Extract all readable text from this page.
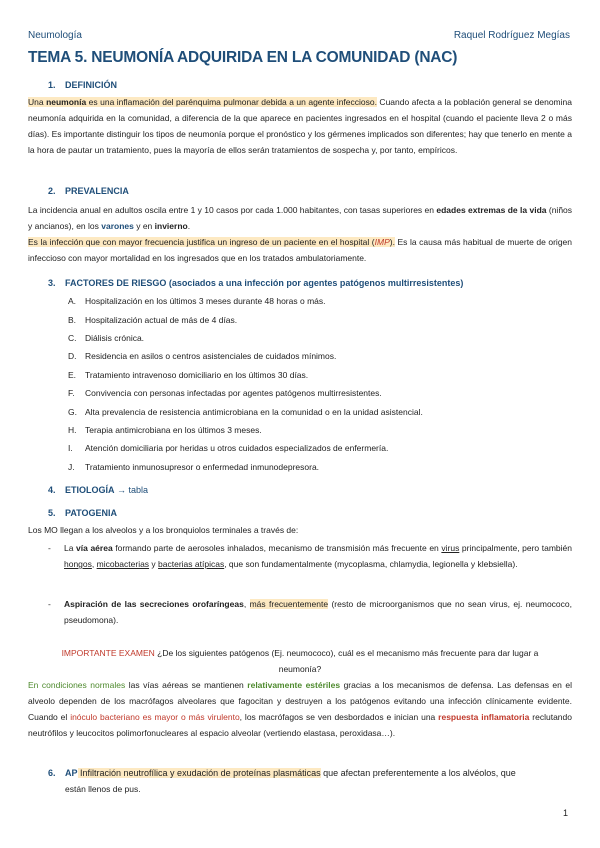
Neumología	Raquel Rodríguez Megías
TEMA 5. NEUMONÍA ADQUIRIDA EN LA COMUNIDAD (NAC)
1. DEFINICIÓN
Una neumonía es una inflamación del parénquima pulmonar debida a un agente infeccioso. Cuando afecta a la población general se denomina neumonía adquirida en la comunidad, a diferencia de la que aparece en pacientes ingresados en el hospital (cuando el paciente lleva 2 o más días). Es importante distinguir los tipos de neumonía porque el pronóstico y los gérmenes implicados son diferentes; hay que tenerlo en mente a la hora de pautar un tratamiento, pues la mayoría de ellos serán tratamientos de sospecha y, por tanto, empíricos.
2. PREVALENCIA
La incidencia anual en adultos oscila entre 1 y 10 casos por cada 1.000 habitantes, con tasas superiores en edades extremas de la vida (niños y ancianos), en los varones y en invierno.
Es la infección que con mayor frecuencia justifica un ingreso de un paciente en el hospital (IMP). Es la causa más habitual de muerte de origen infeccioso con mayor mortalidad en los ingresados que en los tratados ambulatoriamente.
3. FACTORES DE RIESGO (asociados a una infección por agentes patógenos multirresistentes)
A. Hospitalización en los últimos 3 meses durante 48 horas o más.
B. Hospitalización actual de más de 4 días.
C. Diálisis crónica.
D. Residencia en asilos o centros asistenciales de cuidados mínimos.
E. Tratamiento intravenoso domiciliario en los últimos 30 días.
F. Convivencia con personas infectadas por agentes patógenos multirresistentes.
G. Alta prevalencia de resistencia antimicrobiana en la comunidad o en la unidad asistencial.
H. Terapia antimicrobiana en los últimos 3 meses.
I. Atención domiciliaria por heridas u otros cuidados especializados de enfermería.
J. Tratamiento inmunosupresor o enfermedad inmunodepresora.
4. ETIOLOGÍA → tabla
5. PATOGENIA
Los MO llegan a los alveolos y a los bronquiolos terminales a través de:
- La vía aérea formando parte de aerosoles inhalados, mecanismo de transmisión más frecuente en virus principalmente, pero también hongos, micobacterias y bacterias atípicas, que son fundamentalmente (mycoplasma, chlamydia, legionella y klebsiella).
- Aspiración de las secreciones orofaríngeas, más frecuentemente (resto de microorganismos que no sean virus, ej. neumococo, pseudomona).
IMPORTANTE EXAMEN ¿De los siguientes patógenos (Ej. neumococo), cuál es el mecanismo más frecuente para dar lugar a
neumonía?
En condiciones normales las vías aéreas se mantienen relativamente estériles gracias a los mecanismos de defensa. Las defensas en el alveolo dependen de los macrófagos alveolares que fagocitan y destruyen a los patógenos evitando una infección clínicamente evidente. Cuando el inóculo bacteriano es mayor o más virulento, los macrófagos se ven desbordados e inician una respuesta inflamatoria reclutando neutrófilos y leucocitos polimorfonucleares al espacio alveolar (vertiendo elastasa, peroxidasa…).
6. AP Infiltración neutrofílica y exudación de proteínas plasmáticas que afectan preferentemente a los alvéolos, que
están llenos de pus.
1
